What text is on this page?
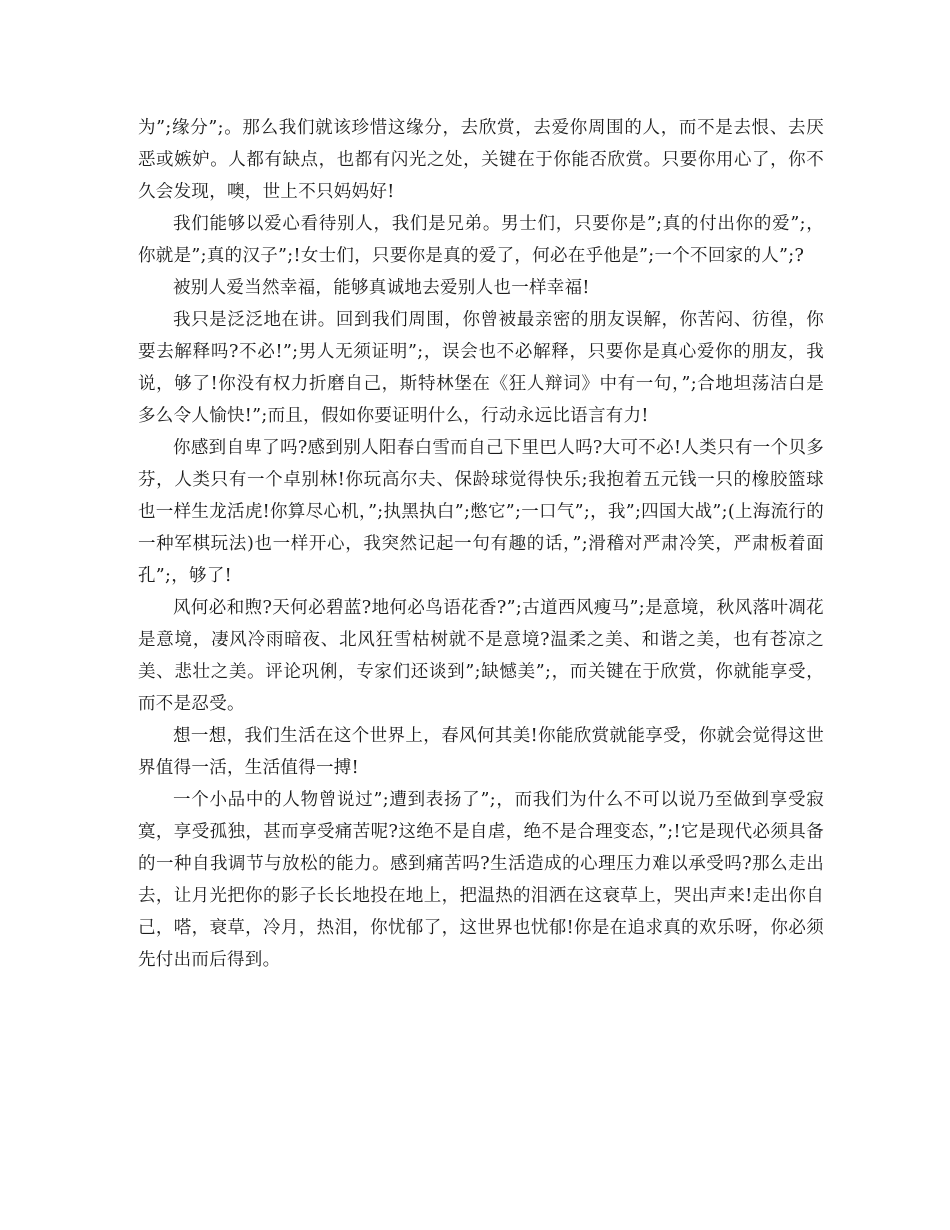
为”;缘分”;。那么我们就该珍惜这缘分，去欣赏，去爱你周围的人，而不是去恨、去厌恶或嫉妒。人都有缺点，也都有闪光之处，关键在于你能否欣赏。只要你用心了，你不久会发现，噢，世上不只妈妈好!

我们能够以爱心看待别人，我们是兄弟。男士们，只要你是”;真的付出你的爱”;，你就是”;真的汉子”;!女士们，只要你是真的爱了，何必在乎他是”;一个不回家的人”;?

被别人爱当然幸福，能够真诚地去爱别人也一样幸福!

我只是泛泛地在讲。回到我们周围，你曾被最亲密的朋友误解，你苦闷、彷徨，你要去解释吗?不必!”;男人无须证明”;，误会也不必解释，只要你是真心爱你的朋友，我说，够了!你没有权力折磨自己，斯特林堡在《狂人辩词》中有一句，”;合地坦荡洁白是多么令人愉快!”;而且，假如你要证明什么，行动永远比语言有力!

你感到自卑了吗?感到别人阳春白雪而自己下里巴人吗?大可不必!人类只有一个贝多芬，人类只有一个卓别林!你玩高尔夫、保龄球觉得快乐;我抱着五元钱一只的橡胶篮球也一样生龙活虎!你算尽心机，”;执黑执白”;憋它”;一口气”;，我”;四国大战”;(上海流行的一种军棋玩法)也一样开心，我突然记起一句有趣的话，”;滑稽对严肃冷笑，严肃板着面孔”;，够了!

风何必和煦?天何必碧蓝?地何必鸟语花香?”;古道西风瘦马”;是意境，秋风落叶凋花是意境，凄风冷雨暗夜、北风狂雪枯树就不是意境?温柔之美、和谐之美，也有苍凉之美、悲壮之美。评论巩俐，专家们还谈到”;缺憾美”;，而关键在于欣赏，你就能享受，而不是忍受。

想一想，我们生活在这个世界上，春风何其美!你能欣赏就能享受，你就会觉得这世界值得一活，生活值得一搏!

一个小品中的人物曾说过”;遭到表扬了”;，而我们为什么不可以说乃至做到享受寂寞，享受孤独，甚而享受痛苦呢?这绝不是自虐，绝不是合理变态，”;!它是现代必须具备的一种自我调节与放松的能力。感到痛苦吗?生活造成的心理压力难以承受吗?那么走出去，让月光把你的影子长长地投在地上，把温热的泪洒在这衰草上，哭出声来!走出你自己，嗒，衰草，冷月，热泪，你忧郁了，这世界也忧郁!你是在追求真的欢乐呀，你必须先付出而后得到。
